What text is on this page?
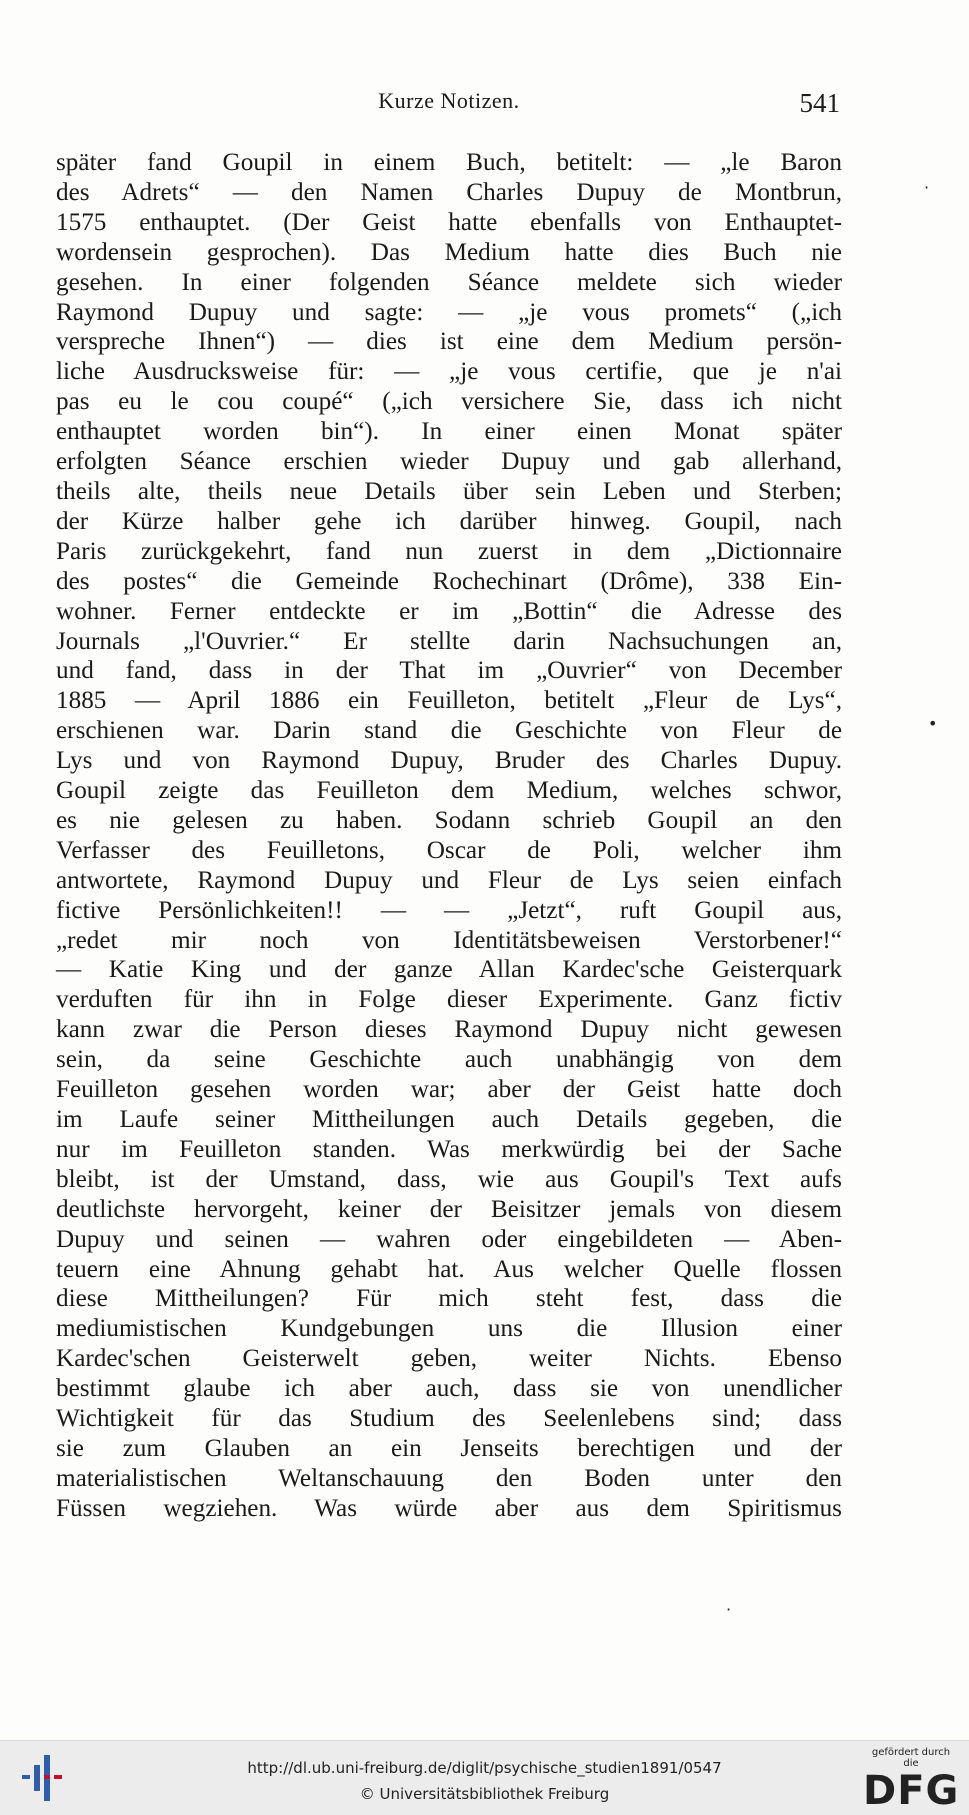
Kurze Notizen.	541
später fand Goupil in einem Buch, betitelt: — „le Baron
des Adrets“ — den Namen Charles Dupuy de Montbrun,
1575 enthauptet. (Der Geist hatte ebenfalls von Enthauptet-
wordensein gesprochen). Das Medium hatte dies Buch nie
gesehen. In einer folgenden Séance meldete sich wieder
Raymond Dupuy und sagte: — „je vous promets“ („ich
verspreche Ihnen“) — dies ist eine dem Medium persön-
liche Ausdrucksweise für: — „je vous certifie, que je n'ai
pas eu le cou coupé“ („ich versichere Sie, dass ich nicht
enthauptet worden bin“). In einer einen Monat später
erfolgten Séance erschien wieder Dupuy und gab allerhand,
theils alte, theils neue Details über sein Leben und Sterben;
der Kürze halber gehe ich darüber hinweg. Goupil, nach
Paris zurückgekehrt, fand nun zuerst in dem „Dictionnaire
des postes“ die Gemeinde Rochechinart (Drôme), 338 Ein-
wohner. Ferner entdeckte er im „Bottin“ die Adresse des
Journals „l'Ouvrier.“ Er stellte darin Nachsuchungen an,
und fand, dass in der That im „Ouvrier“ von December
1885 — April 1886 ein Feuilleton, betitelt „Fleur de Lys“,
erschienen war. Darin stand die Geschichte von Fleur de
Lys und von Raymond Dupuy, Bruder des Charles Dupuy.
Goupil zeigte das Feuilleton dem Medium, welches schwor,
es nie gelesen zu haben. Sodann schrieb Goupil an den
Verfasser des Feuilletons, Oscar de Poli, welcher ihm
antwortete, Raymond Dupuy und Fleur de Lys seien einfach
fictive Persönlichkeiten!! — — „Jetzt“, ruft Goupil aus,
„redet mir noch von Identitätsbeweisen Verstorbener!“
— Katie King und der ganze Allan Kardec'sche Geisterquark
verduften für ihn in Folge dieser Experimente. Ganz fictiv
kann zwar die Person dieses Raymond Dupuy nicht gewesen
sein, da seine Geschichte auch unabhängig von dem
Feuilleton gesehen worden war; aber der Geist hatte doch
im Laufe seiner Mittheilungen auch Details gegeben, die
nur im Feuilleton standen. Was merkwürdig bei der Sache
bleibt, ist der Umstand, dass, wie aus Goupil's Text aufs
deutlichste hervorgeht, keiner der Beisitzer jemals von diesem
Dupuy und seinen — wahren oder eingebildeten — Aben-
teuern eine Ahnung gehabt hat. Aus welcher Quelle flossen
diese Mittheilungen? Für mich steht fest, dass die
mediumistischen Kundgebungen uns die Illusion einer
Kardec'schen Geisterwelt geben, weiter Nichts. Ebenso
bestimmt glaube ich aber auch, dass sie von unendlicher
Wichtigkeit für das Studium des Seelenlebens sind; dass
sie zum Glauben an ein Jenseits berechtigen und der
materialistischen Weltanschauung den Boden unter den
Füssen wegziehen. Was würde aber aus dem Spiritismus
·
•
·
http://dl.ub.uni-freiburg.de/diglit/psychische_studien1891/0547
© Universitätsbibliothek Freiburg
gefördert durch die
DFG
